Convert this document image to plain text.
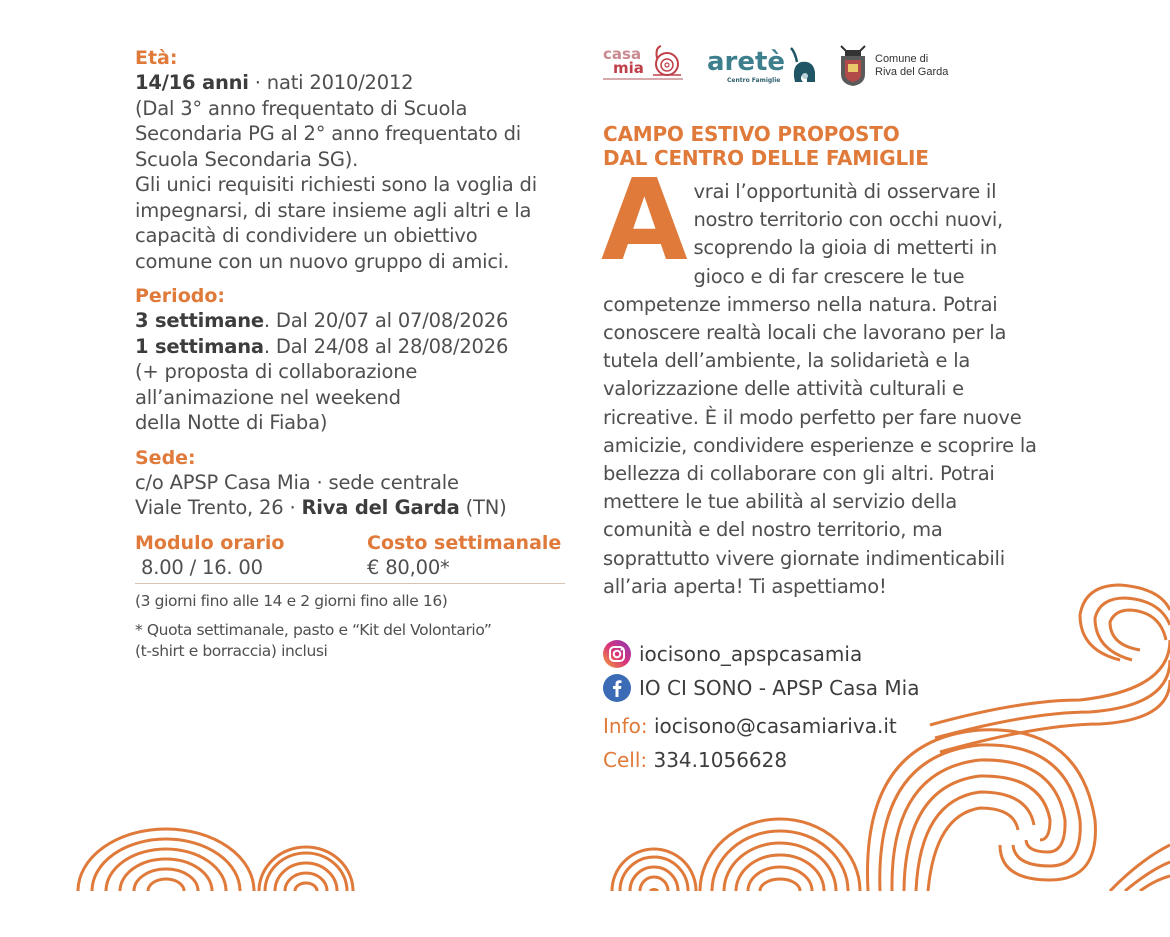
Età:

14/16 anni · nati 2010/2012

(Dal 3° anno frequentato di Scuola

Secondaria PG al 2° anno frequentato di

Scuola Secondaria SG).

Gli unici requisiti richiesti sono la voglia di

impegnarsi, di stare insieme agli altri e la

capacità di condividere un obiettivo

comune con un nuovo gruppo di amici.

Periodo:

3 settimane. Dal 20/07 al 07/08/2026

1 settimana. Dal 24/08 al 28/08/2026

(+ proposta di collaborazione

all’animazione nel weekend

della Notte di Fiaba)

Sede:

c/o APSP Casa Mia · sede centrale

Viale Trento, 26 · Riva del Garda (TN)

Modulo orario

8.00 / 16. 00

Costo settimanale

€ 80,00*

(3 giorni fino alle 14 e 2 giorni fino alle 16)

* Quota settimanale, pasto e “Kit del Volontario”

(t-shirt e borraccia) inclusi

casa
mia aretè
Centro Famiglie
Comune di
Riva del Garda

CAMPO ESTIVO PROPOSTO
DAL CENTRO DELLE FAMIGLIE

Avrai l’opportunità di osservare il nostro territorio con occhi nuovi, scoprendo la gioia di metterti in gioco e di far crescere le tue competenze immerso nella natura. Potrai conoscere realtà locali che lavorano per la tutela dell’ambiente, la solidarietà e la valorizzazione delle attività culturali e ricreative. È il modo perfetto per fare nuove amicizie, condividere esperienze e scoprire la bellezza di collaborare con gli altri. Potrai mettere le tue abilità al servizio della comunità e del nostro territorio, ma soprattutto vivere giornate indimenticabili all’aria aperta! Ti aspettiamo!

iocisono_apspcasamia
IO CI SONO - APSP Casa Mia
Info: iocisono@casamiariva.it
Cell: 334.1056628
